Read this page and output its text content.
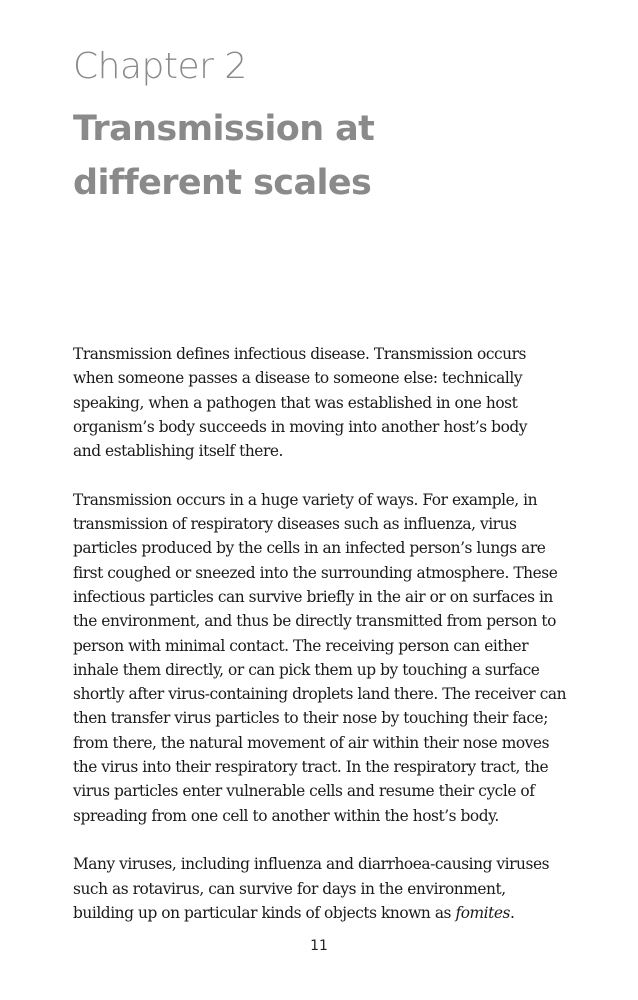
Chapter 2
Transmission at
different scales

Transmission defines infectious disease. Transmission occurs
when someone passes a disease to someone else: technically
speaking, when a pathogen that was established in one host
organism’s body succeeds in moving into another host’s body
and establishing itself there.

Transmission occurs in a huge variety of ways. For example, in
transmission of respiratory diseases such as influenza, virus
particles produced by the cells in an infected person’s lungs are
first coughed or sneezed into the surrounding atmosphere. These
infectious particles can survive briefly in the air or on surfaces in
the environment, and thus be directly transmitted from person to
person with minimal contact. The receiving person can either
inhale them directly, or can pick them up by touching a surface
shortly after virus-containing droplets land there. The receiver can
then transfer virus particles to their nose by touching their face;
from there, the natural movement of air within their nose moves
the virus into their respiratory tract. In the respiratory tract, the
virus particles enter vulnerable cells and resume their cycle of
spreading from one cell to another within the host’s body.

Many viruses, including influenza and diarrhoea-causing viruses
such as rotavirus, can survive for days in the environment,
building up on particular kinds of objects known as fomites.

11
